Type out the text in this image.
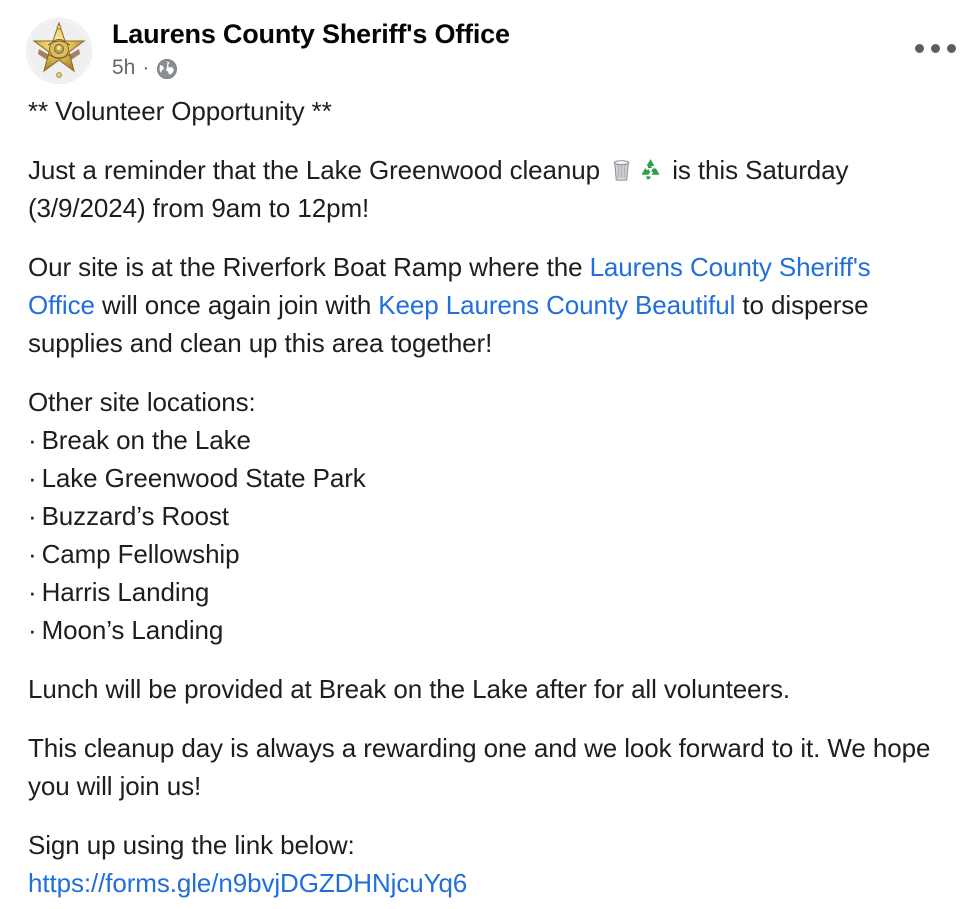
Laurens County Sheriff's Office
5h ·

** Volunteer Opportunity **

Just a reminder that the Lake Greenwood cleanup
is this Saturday (3/9/2024) from 9am to 12pm!

Our site is at the Riverfork Boat Ramp where the Laurens County Sheriff's Office will once again join with Keep Laurens County Beautiful to disperse supplies and clean up this area together!

Other site locations:

· Break on the Lake

· Lake Greenwood State Park

· Buzzard’s Roost

· Camp Fellowship

· Harris Landing

· Moon’s Landing

Lunch will be provided at Break on the Lake after for all volunteers.

This cleanup day is always a rewarding one and we look forward to it. We hope you will join us!

Sign up using the link below:

https://forms.gle/n9bvjDGZDHNjcuYq6
